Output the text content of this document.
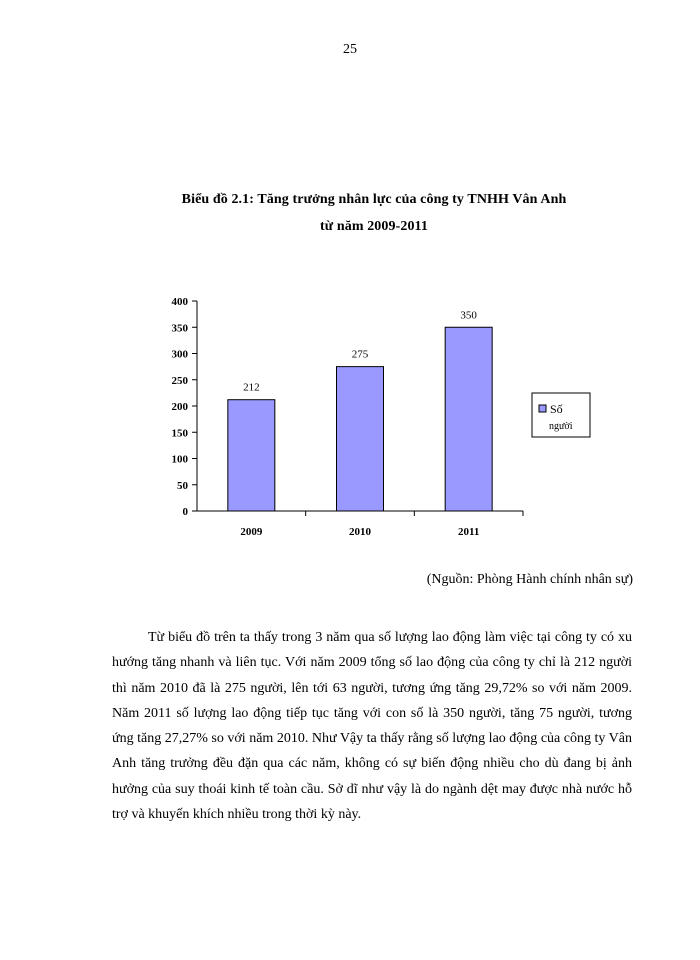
25
Biểu đồ 2.1: Tăng trưởng nhân lực của công ty TNHH Vân Anh
từ năm 2009-2011
0
50
100
150
200
250
300
350
400
2009
212
2010
275
2011
350
Số
người
(Nguồn: Phòng Hành chính nhân sự)

Từ biểu đồ trên ta thấy trong 3 năm qua số lượng lao động làm việc tại công ty có xu hướng tăng nhanh và liên tục. Với năm 2009 tổng số lao động của công ty chỉ là 212 người thì năm 2010 đã là 275 người, lên tới 63 người, tương ứng tăng 29,72% so với năm 2009. Năm 2011 số lượng lao động tiếp tục tăng với con số là 350 người, tăng 75 người, tương ứng tăng 27,27% so với năm 2010. Như Vậy ta thấy rằng số lượng lao động của công ty Vân Anh tăng trưởng đều đặn qua các năm, không có sự biến động nhiều cho dù đang bị ảnh hưởng của suy thoái kinh tế toàn cầu. Sở dĩ như vậy là do ngành dệt may được nhà nước hỗ trợ và khuyến khích nhiều trong thời kỳ này.
